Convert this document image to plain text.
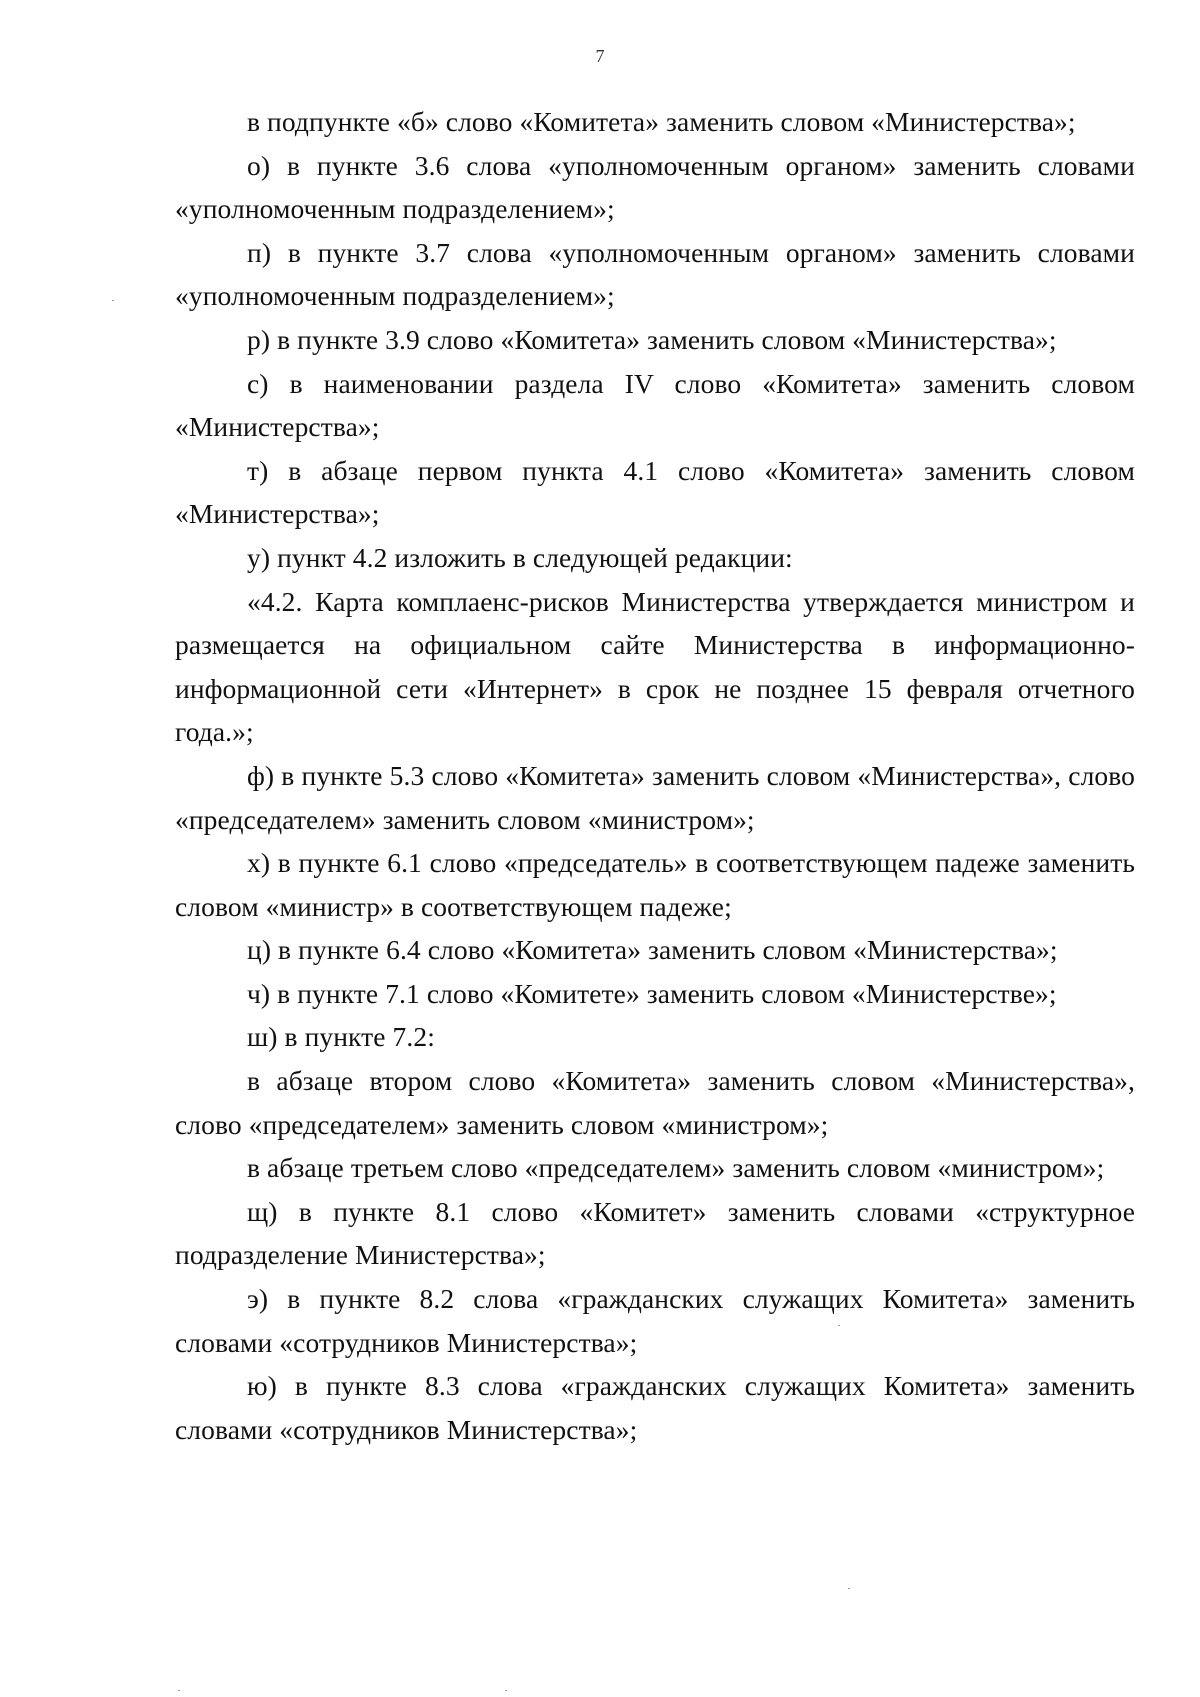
7

в подпункте «б» слово «Комитета» заменить словом «Министерства»;

о) в пункте 3.6 слова «уполномоченным органом» заменить словами «уполномоченным подразделением»;

п) в пункте 3.7 слова «уполномоченным органом» заменить словами «уполномоченным подразделением»;

р) в пункте 3.9 слово «Комитета» заменить словом «Министерства»;

с) в наименовании раздела IV слово «Комитета» заменить словом «Министерства»;

т) в абзаце первом пункта 4.1 слово «Комитета» заменить словом «Министерства»;

у) пункт 4.2 изложить в следующей редакции:

«4.2. Карта комплаенс-рисков Министерства утверждается министром и размещается на официальном сайте Министерства в информационно-информационной сети «Интернет» в срок не позднее 15 февраля отчетного года.»;

ф) в пункте 5.3 слово «Комитета» заменить словом «Министерства», слово «председателем» заменить словом «министром»;

х) в пункте 6.1 слово «председатель» в соответствующем падеже заменить словом «министр» в соответствующем падеже;

ц) в пункте 6.4 слово «Комитета» заменить словом «Министерства»;

ч) в пункте 7.1 слово «Комитете» заменить словом «Министерстве»;

ш) в пункте 7.2:

в абзаце втором слово «Комитета» заменить словом «Министерства», слово «председателем» заменить словом «министром»;

в абзаце третьем слово «председателем» заменить словом «министром»;

щ) в пункте 8.1 слово «Комитет» заменить словами «структурное подразделение Министерства»;

э) в пункте 8.2 слова «гражданских служащих Комитета» заменить словами «сотрудников Министерства»;

ю) в пункте 8.3 слова «гражданских служащих Комитета» заменить словами «сотрудников Министерства»;
